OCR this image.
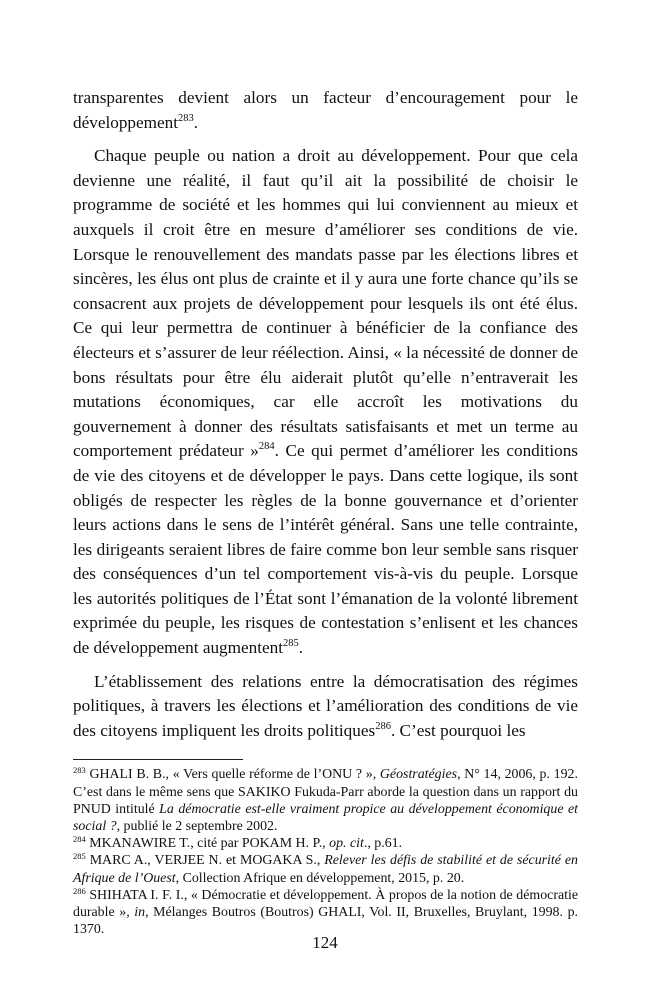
transparentes devient alors un facteur d’encouragement pour le développement$^{283}$.

Chaque peuple ou nation a droit au développement. Pour que cela devienne une réalité, il faut qu’il ait la possibilité de choisir le programme de société et les hommes qui lui conviennent au mieux et auxquels il croit être en mesure d’améliorer ses conditions de vie. Lorsque le renouvellement des mandats passe par les élections libres et sincères, les élus ont plus de crainte et il y aura une forte chance qu’ils se consacrent aux projets de développement pour lesquels ils ont été élus. Ce qui leur permettra de continuer à bénéficier de la confiance des électeurs et s’assurer de leur réélection. Ainsi, « la nécessité de donner de bons résultats pour être élu aiderait plutôt qu’elle n’entraverait les mutations économiques, car elle accroît les motivations du gouvernement à donner des résultats satisfaisants et met un terme au comportement prédateur »$^{284}$. Ce qui permet d’améliorer les conditions de vie des citoyens et de développer le pays. Dans cette logique, ils sont obligés de respecter les règles de la bonne gouvernance et d’orienter leurs actions dans le sens de l’intérêt général. Sans une telle contrainte, les dirigeants seraient libres de faire comme bon leur semble sans risquer des conséquences d’un tel comportement vis-à-vis du peuple. Lorsque les autorités politiques de l’État sont l’émanation de la volonté librement exprimée du peuple, les risques de contestation s’enlisent et les chances de développement augmentent$^{285}$.

L’établissement des relations entre la démocratisation des régimes politiques, à travers les élections et l’amélioration des conditions de vie des citoyens impliquent les droits politiques$^{286}$. C’est pourquoi les

$^{283}$ GHALI B. B., « Vers quelle réforme de l’ONU ? », Géostratégies, N° 14, 2006, p. 192. C’est dans le même sens que SAKIKO Fukuda-Parr aborde la question dans un rapport du PNUD intitulé La démocratie est-elle vraiment propice au développement économique et social ?, publié le 2 septembre 2002.

$^{284}$ MKANAWIRE T., cité par POKAM H. P., op. cit., p.61.

$^{285}$ MARC A., VERJEE N. et MOGAKA S., Relever les défis de stabilité et de sécurité en Afrique de l’Ouest, Collection Afrique en développement, 2015, p. 20.

$^{286}$ SHIHATA I. F. I., « Démocratie et développement. À propos de la notion de démocratie durable », in, Mélanges Boutros (Boutros) GHALI, Vol. II, Bruxelles, Bruylant, 1998. p. 1370.

124
